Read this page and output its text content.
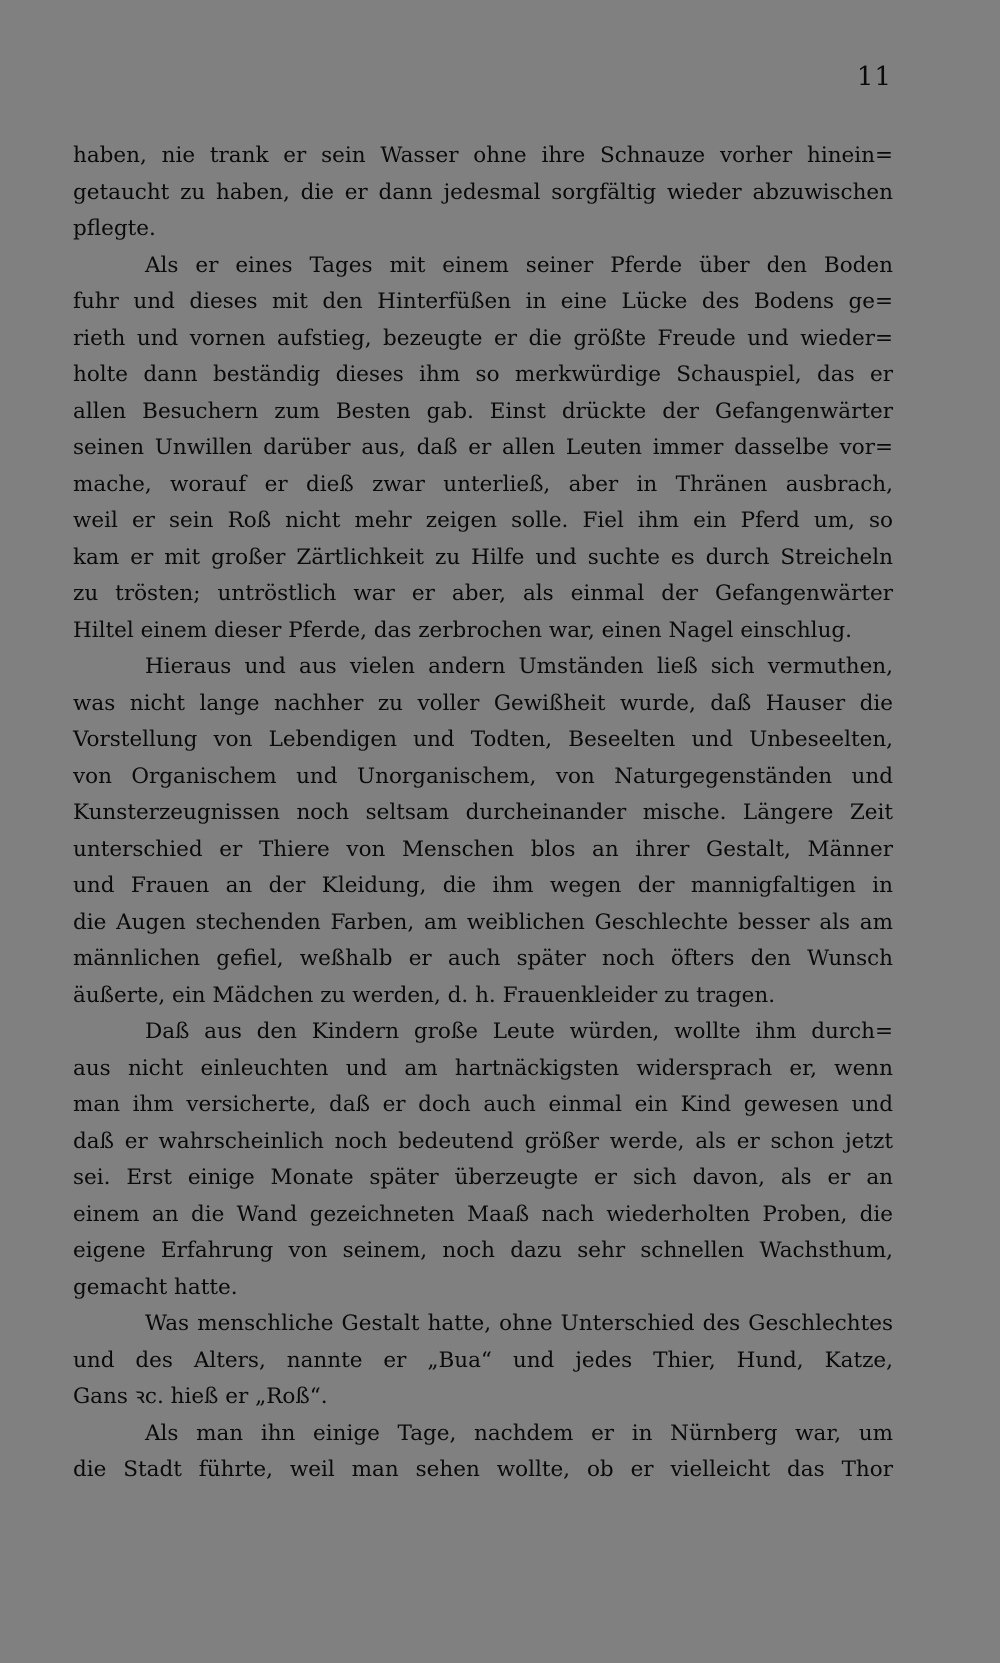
11
haben, nie trank er sein Wasser ohne ihre Schnauze vorher hinein=
getaucht zu haben, die er dann jedesmal sorgfältig wieder abzuwischen
pflegte.
Als er eines Tages mit einem seiner Pferde über den Boden
fuhr und dieses mit den Hinterfüßen in eine Lücke des Bodens ge=
rieth und vornen aufstieg, bezeugte er die größte Freude und wieder=
holte dann beständig dieses ihm so merkwürdige Schauspiel, das er
allen Besuchern zum Besten gab. Einst drückte der Gefangenwärter
seinen Unwillen darüber aus, daß er allen Leuten immer dasselbe vor=
mache, worauf er dieß zwar unterließ, aber in Thränen ausbrach,
weil er sein Roß nicht mehr zeigen solle. Fiel ihm ein Pferd um, so
kam er mit großer Zärtlichkeit zu Hilfe und suchte es durch Streicheln
zu trösten; untröstlich war er aber, als einmal der Gefangenwärter
Hiltel einem dieser Pferde, das zerbrochen war, einen Nagel einschlug.
Hieraus und aus vielen andern Umständen ließ sich vermuthen,
was nicht lange nachher zu voller Gewißheit wurde, daß Hauser die
Vorstellung von Lebendigen und Todten, Beseelten und Unbeseelten,
von Organischem und Unorganischem, von Naturgegenständen und
Kunsterzeugnissen noch seltsam durcheinander mische. Längere Zeit
unterschied er Thiere von Menschen blos an ihrer Gestalt, Männer
und Frauen an der Kleidung, die ihm wegen der mannigfaltigen in
die Augen stechenden Farben, am weiblichen Geschlechte besser als am
männlichen gefiel, weßhalb er auch später noch öfters den Wunsch
äußerte, ein Mädchen zu werden, d. h. Frauenkleider zu tragen.
Daß aus den Kindern große Leute würden, wollte ihm durch=
aus nicht einleuchten und am hartnäckigsten widersprach er, wenn
man ihm versicherte, daß er doch auch einmal ein Kind gewesen und
daß er wahrscheinlich noch bedeutend größer werde, als er schon jetzt
sei. Erst einige Monate später überzeugte er sich davon, als er an
einem an die Wand gezeichneten Maaß nach wiederholten Proben, die
eigene Erfahrung von seinem, noch dazu sehr schnellen Wachsthum,
gemacht hatte.
Was menschliche Gestalt hatte, ohne Unterschied des Geschlechtes
und des Alters, nannte er „Bua“ und jedes Thier, Hund, Katze,
Gans ꝛc. hieß er „Roß“.
Als man ihn einige Tage, nachdem er in Nürnberg war, um
die Stadt führte, weil man sehen wollte, ob er vielleicht das Thor
